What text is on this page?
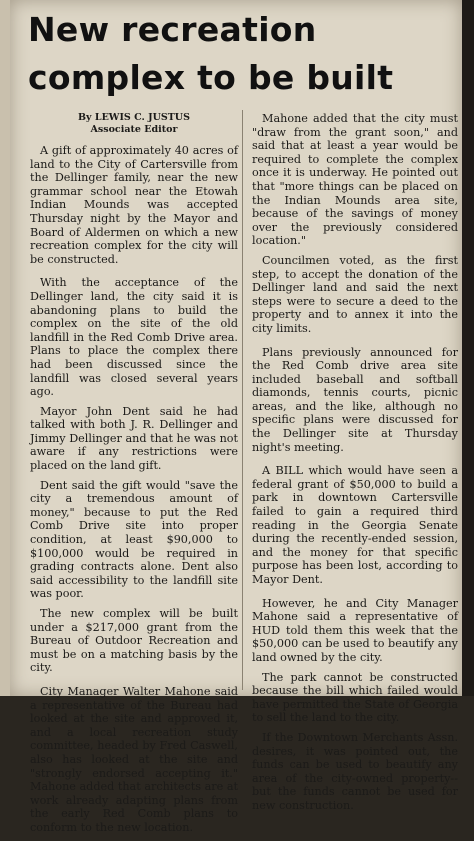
New recreation
complex to be built
By LEWIS C. JUSTUS
Associate Editor

A gift of approximately 40 acres of land to the City of Cartersville from the Dellinger family, near the new grammar school near the Etowah Indian Mounds was accepted Thursday night by the Mayor and Board of Aldermen on which a new recreation complex for the city will be constructed.

With the acceptance of the Dellinger land, the city said it is abandoning plans to build the complex on the site of the old landfill in the Red Comb Drive area. Plans to place the complex there had been discussed since the landfill was closed several years ago.

Mayor John Dent said he had talked with both J. R. Dellinger and Jimmy Dellinger and that he was not aware if any restrictions were placed on the land gift.

Dent said the gift would "save the city a tremendous amount of money," because to put the Red Comb Drive site into proper condition, at least $90,000 to $100,000 would be required in grading contracts alone. Dent also said accessibility to the landfill site was poor.

The new complex will be built under a $217,000 grant from the Bureau of Outdoor Recreation and must be on a matching basis by the city.

City Manager Walter Mahone said a representative of the Bureau had looked at the site and approved it, and a local recreation study committee, headed by Fred Caswell, also has looked at the site and "strongly endorsed accepting it." Mahone added that architects are at work already adapting plans from the early Red Comb plans to conform to the new location.

Mahone added that the city must "draw from the grant soon," and said that at least a year would be required to complete the complex once it is underway. He pointed out that "more things can be placed on the Indian Mounds area site, because of the savings of money over the previously considered location."

Councilmen voted, as the first step, to accept the donation of the Dellinger land and said the next steps were to secure a deed to the property and to annex it into the city limits.

Plans previously announced for the Red Comb drive area site included baseball and softball diamonds, tennis courts, picnic areas, and the like, although no specific plans were discussed for the Dellinger site at Thursday night's meeting.

A BILL which would have seen a federal grant of $50,000 to build a park in downtown Cartersville failed to gain a required third reading in the Georgia Senate during the recently-ended session, and the money for that specific purpose has been lost, according to Mayor Dent.

However, he and City Manager Mahone said a representative of HUD told them this week that the $50,000 can be used to beautify any land owned by the city.

The park cannot be constructed because the bill which failed would have permitted the State of Georgia to sell the land to the city.

If the Downtown Merchants Assn. desires, it was pointed out, the funds can be used to beautify any area of the city-owned property--but the funds cannot be used for new construction.
